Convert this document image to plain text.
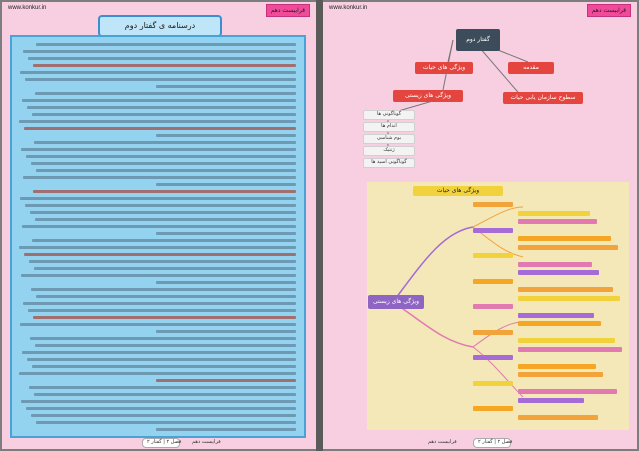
www.konkur.in	قرابیست دهم
درسنامه ی گفتار دوم
فصل ۲ | گفتار ۲ فرابیست دهم
www.konkur.in	قرابیست دهم
گفتار دوم
ویژگی های حیات	مقدمه
سطوح سازمان یابی حیات
ویژگی های زیستی
گوناگونی ها
اندام ها
بوم شناسی
ژنتیک
گوناگونی اسید ها
ویژگی های زیستی
ویژگی های حیات
فصل ۲ | گفتار ۲
فرابیست دهم
